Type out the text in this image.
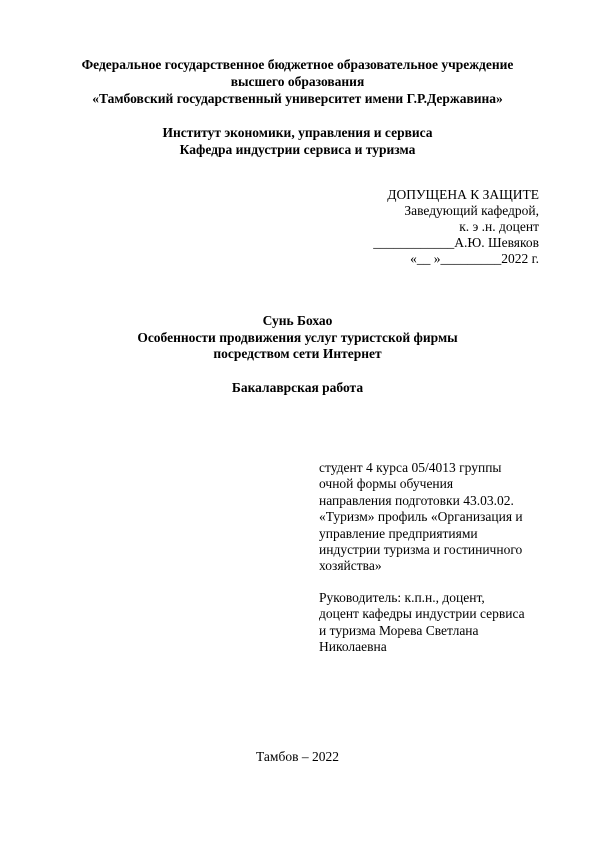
Федеральное государственное бюджетное образовательное учреждение
высшего образования
«Тамбовский государственный университет имени Г.Р.Державина»
Институт экономики, управления и сервиса
Кафедра индустрии сервиса и туризма
ДОПУЩЕНА К ЗАЩИТЕ
Заведующий кафедрой,
к. э .н. доцент
____________А.Ю. Шевяков
«__ »_________2022 г.
Сунь Бохао
Особенности продвижения услуг туристской фирмы
посредством сети Интернет
Бакалаврская работа
студент 4 курса 05/4013 группы
очной формы обучения
направления подготовки 43.03.02.
«Туризм» профиль «Организация и
управление предприятиями
индустрии туризма и гостиничного
хозяйства»
Руководитель: к.п.н., доцент,
доцент кафедры индустрии сервиса
и туризма Морева Светлана
Николаевна
Тамбов – 2022
